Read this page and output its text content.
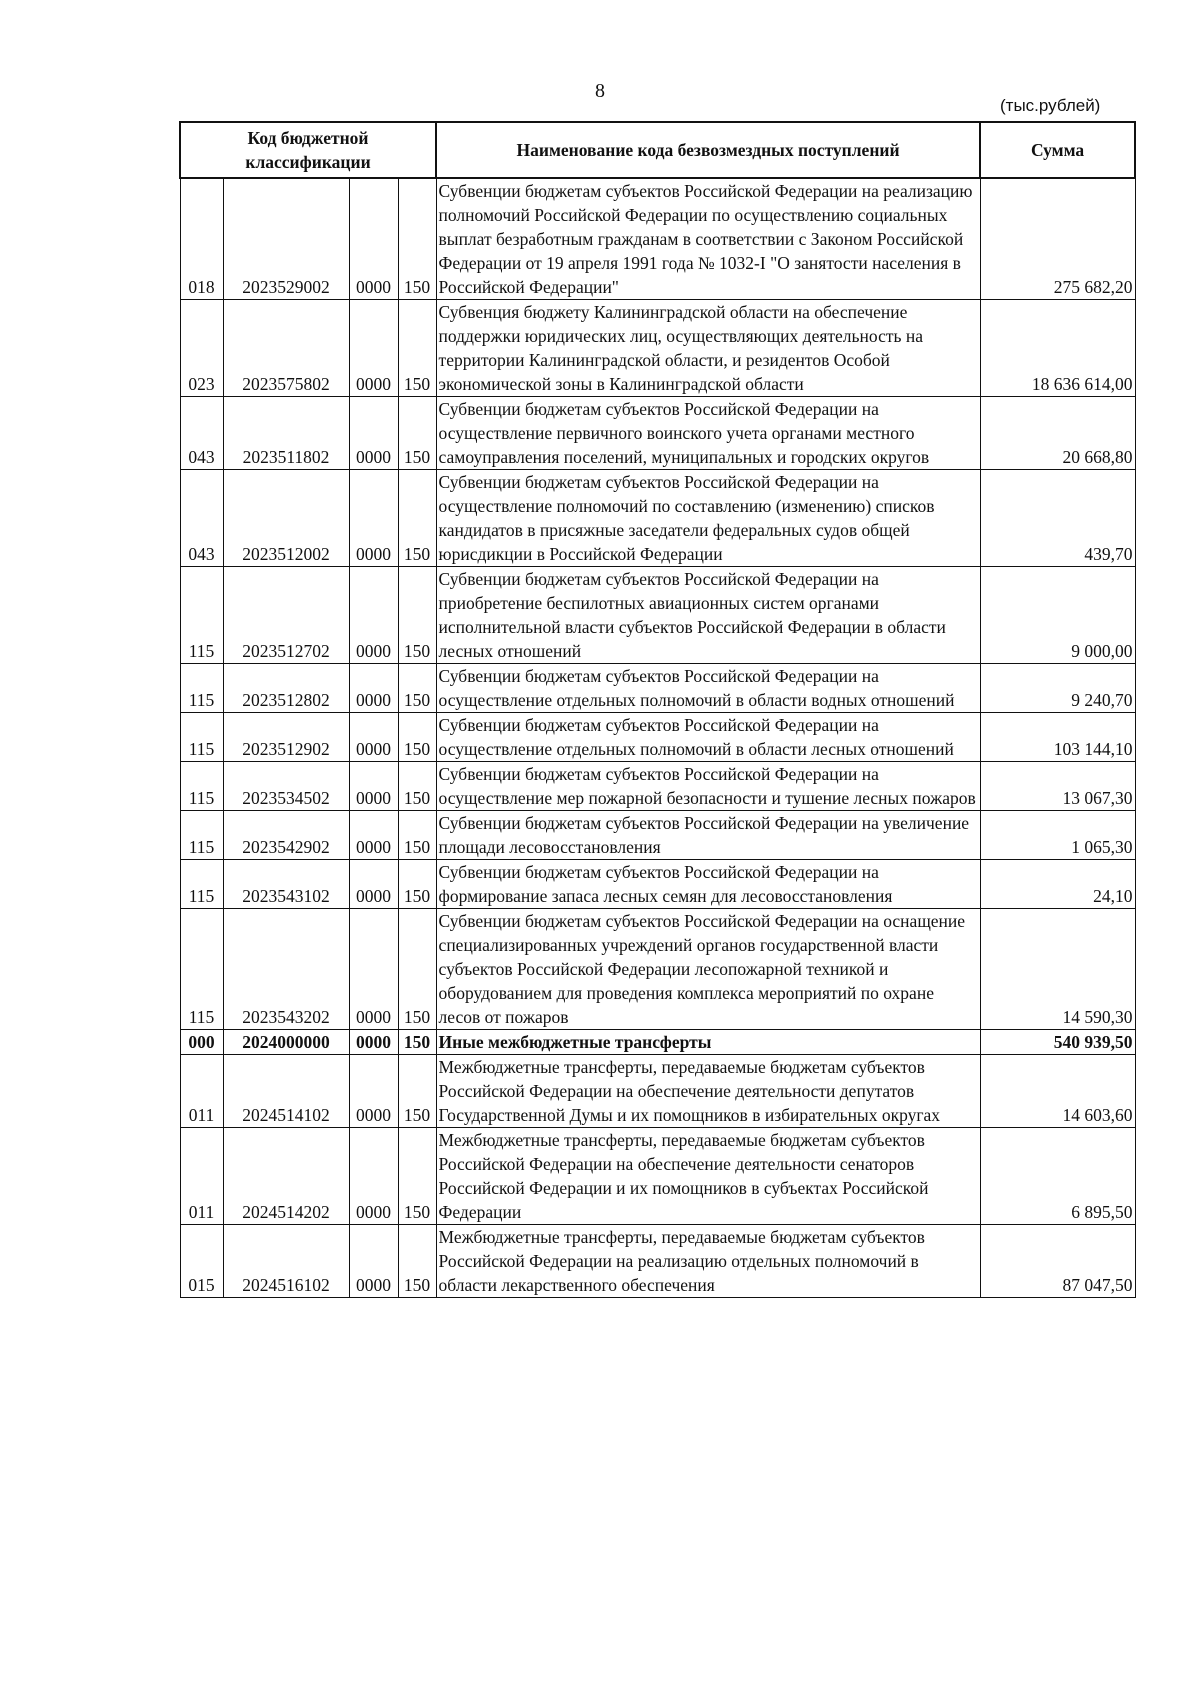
8
(тыс.рублей)
Код бюджетной классификации				Наименование кода безвозмездных поступлений	Сумма
018	2023529002	0000	150	Субвенции бюджетам субъектов Российской Федерации на реализацию полномочий Российской Федерации по осуществлению социальных выплат безработным гражданам в соответствии с Законом Российской Федерации от 19 апреля 1991 года № 1032-I "О занятости населения в Российской Федерации"	275 682,20
023	2023575802	0000	150	Субвенция бюджету Калининградской области на обеспечение поддержки юридических лиц, осуществляющих деятельность на территории Калининградской области, и резидентов Особой экономической зоны в Калининградской области	18 636 614,00
043	2023511802	0000	150	Субвенции бюджетам субъектов Российской Федерации на осуществление первичного воинского учета органами местного самоуправления поселений, муниципальных и городских округов	20 668,80
043	2023512002	0000	150	Субвенции бюджетам субъектов Российской Федерации на осуществление полномочий по составлению (изменению) списков кандидатов в присяжные заседатели федеральных судов общей юрисдикции в Российской Федерации	439,70
115	2023512702	0000	150	Субвенции бюджетам субъектов Российской Федерации на приобретение беспилотных авиационных систем органами исполнительной власти субъектов Российской Федерации в области лесных отношений	9 000,00
115	2023512802	0000	150	Субвенции бюджетам субъектов Российской Федерации на осуществление отдельных полномочий в области водных отношений	9 240,70
115	2023512902	0000	150	Субвенции бюджетам субъектов Российской Федерации на осуществление отдельных полномочий в области лесных отношений	103 144,10
115	2023534502	0000	150	Субвенции бюджетам субъектов Российской Федерации на осуществление мер пожарной безопасности и тушение лесных пожаров	13 067,30
115	2023542902	0000	150	Субвенции бюджетам субъектов Российской Федерации на увеличение площади лесовосстановления	1 065,30
115	2023543102	0000	150	Субвенции бюджетам субъектов Российской Федерации на формирование запаса лесных семян для лесовосстановления	24,10
115	2023543202	0000	150	Субвенции бюджетам субъектов Российской Федерации на оснащение специализированных учреждений органов государственной власти субъектов Российской Федерации лесопожарной техникой и оборудованием для проведения комплекса мероприятий по охране лесов от пожаров	14 590,30
000	2024000000	0000	150	Иные межбюджетные трансферты	540 939,50
011	2024514102	0000	150	Межбюджетные трансферты, передаваемые бюджетам субъектов Российской Федерации на обеспечение деятельности депутатов Государственной Думы и их помощников в избирательных округах	14 603,60
011	2024514202	0000	150	Межбюджетные трансферты, передаваемые бюджетам субъектов Российской Федерации на обеспечение деятельности сенаторов Российской Федерации и их помощников в субъектах Российской Федерации	6 895,50
015	2024516102	0000	150	Межбюджетные трансферты, передаваемые бюджетам субъектов Российской Федерации на реализацию отдельных полномочий в области лекарственного обеспечения	87 047,50
